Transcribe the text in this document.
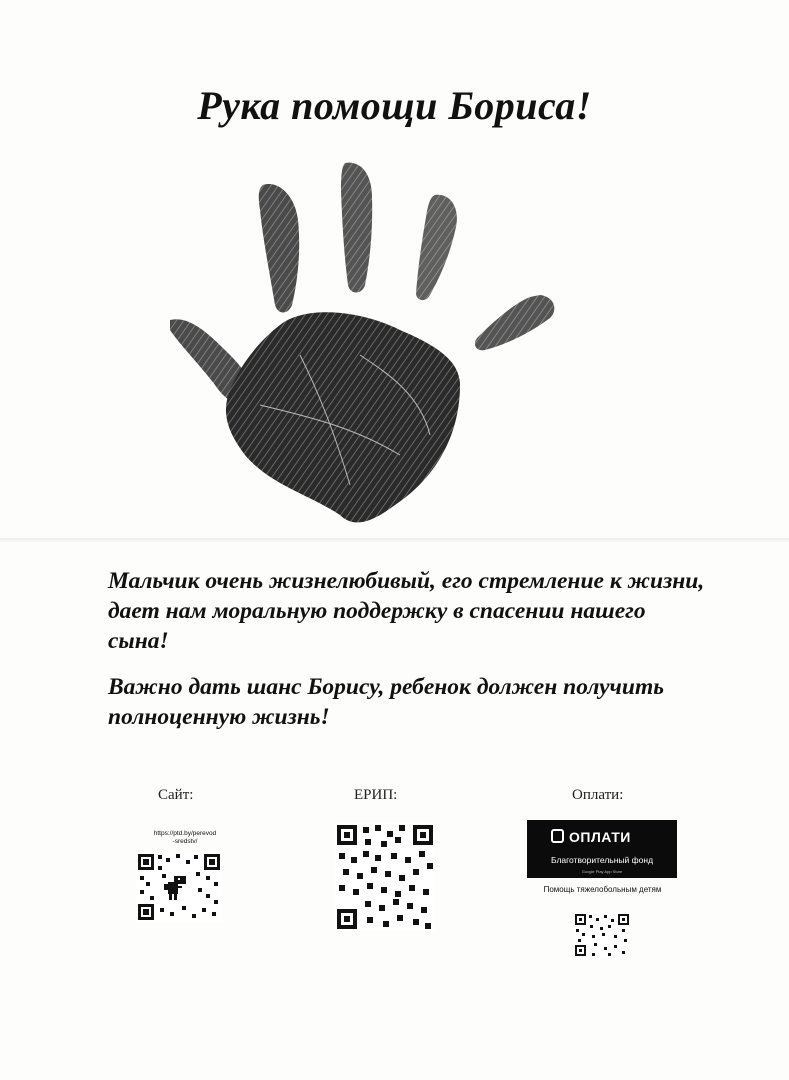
Рука помощи Бориса!
Мальчик очень жизнелюбивый, его стремление к жизни, дает нам моральную поддержку в спасении нашего сына!
Важно дать шанс Борису, ребенок должен получить полноценную жизнь!
Сайт:
https://ptd.by/perevod
-sredstv/
ЕРИП:	Оплати:
ОПЛАТИ
Благотворительный фонд
Google Play App Store
Помощь тяжелобольным детям
